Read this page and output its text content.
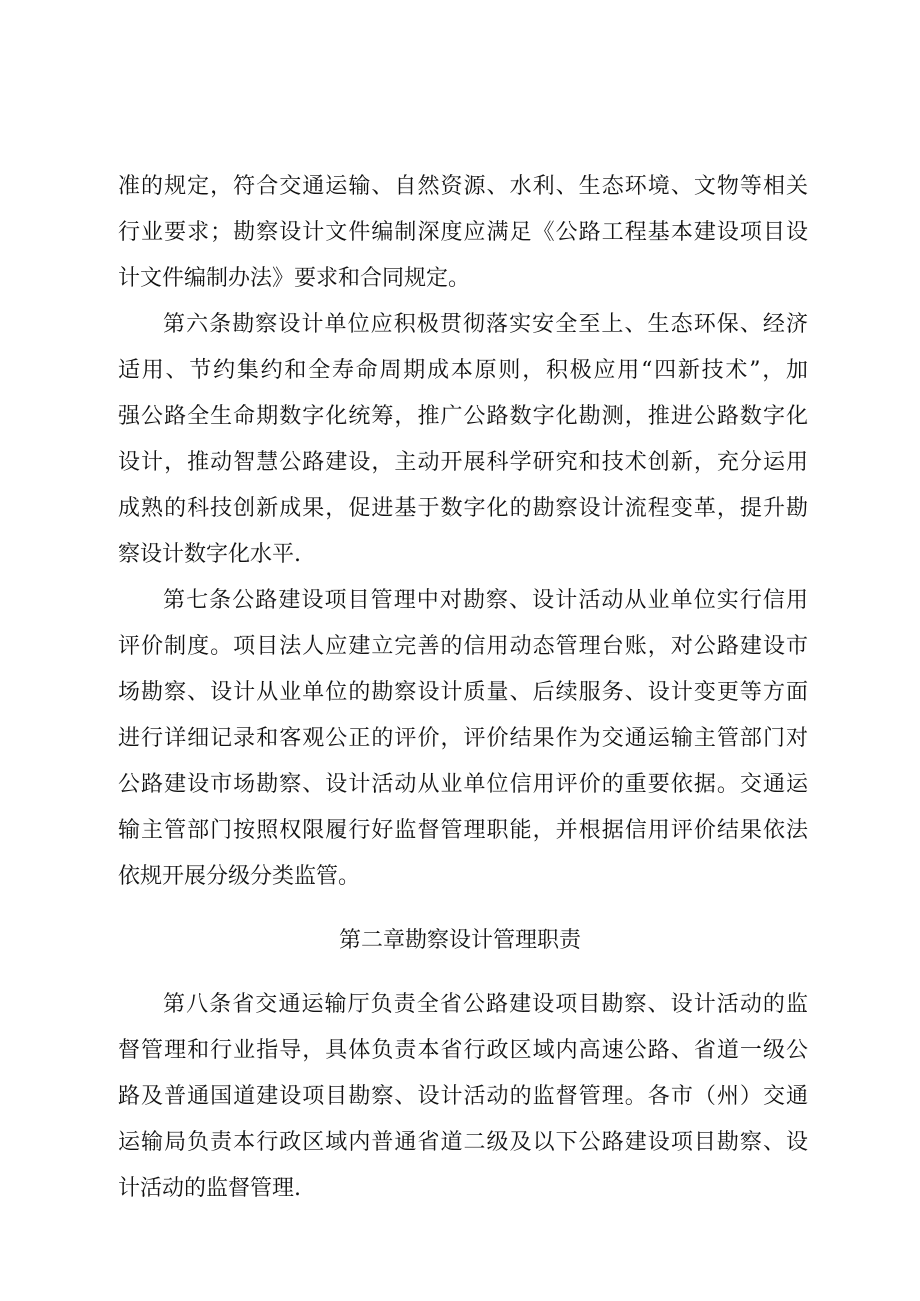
准的规定，符合交通运输、自然资源、水利、生态环境、文物等相关
行业要求；勘察设计文件编制深度应满足《公路工程基本建设项目设
计文件编制办法》要求和合同规定。
第六条勘察设计单位应积极贯彻落实安全至上、生态环保、经济
适用、节约集约和全寿命周期成本原则，积极应用“四新技术”，加
强公路全生命期数字化统筹，推广公路数字化勘测，推进公路数字化
设计，推动智慧公路建设，主动开展科学研究和技术创新，充分运用
成熟的科技创新成果，促进基于数字化的勘察设计流程变革，提升勘
察设计数字化水平.
第七条公路建设项目管理中对勘察、设计活动从业单位实行信用
评价制度。项目法人应建立完善的信用动态管理台账，对公路建设市
场勘察、设计从业单位的勘察设计质量、后续服务、设计变更等方面
进行详细记录和客观公正的评价，评价结果作为交通运输主管部门对
公路建设市场勘察、设计活动从业单位信用评价的重要依据。交通运
输主管部门按照权限履行好监督管理职能，并根据信用评价结果依法
依规开展分级分类监管。
第二章勘察设计管理职责
第八条省交通运输厅负责全省公路建设项目勘察、设计活动的监
督管理和行业指导，具体负责本省行政区域内高速公路、省道一级公
路及普通国道建设项目勘察、设计活动的监督管理。各市（州）交通
运输局负责本行政区域内普通省道二级及以下公路建设项目勘察、设
计活动的监督管理.
